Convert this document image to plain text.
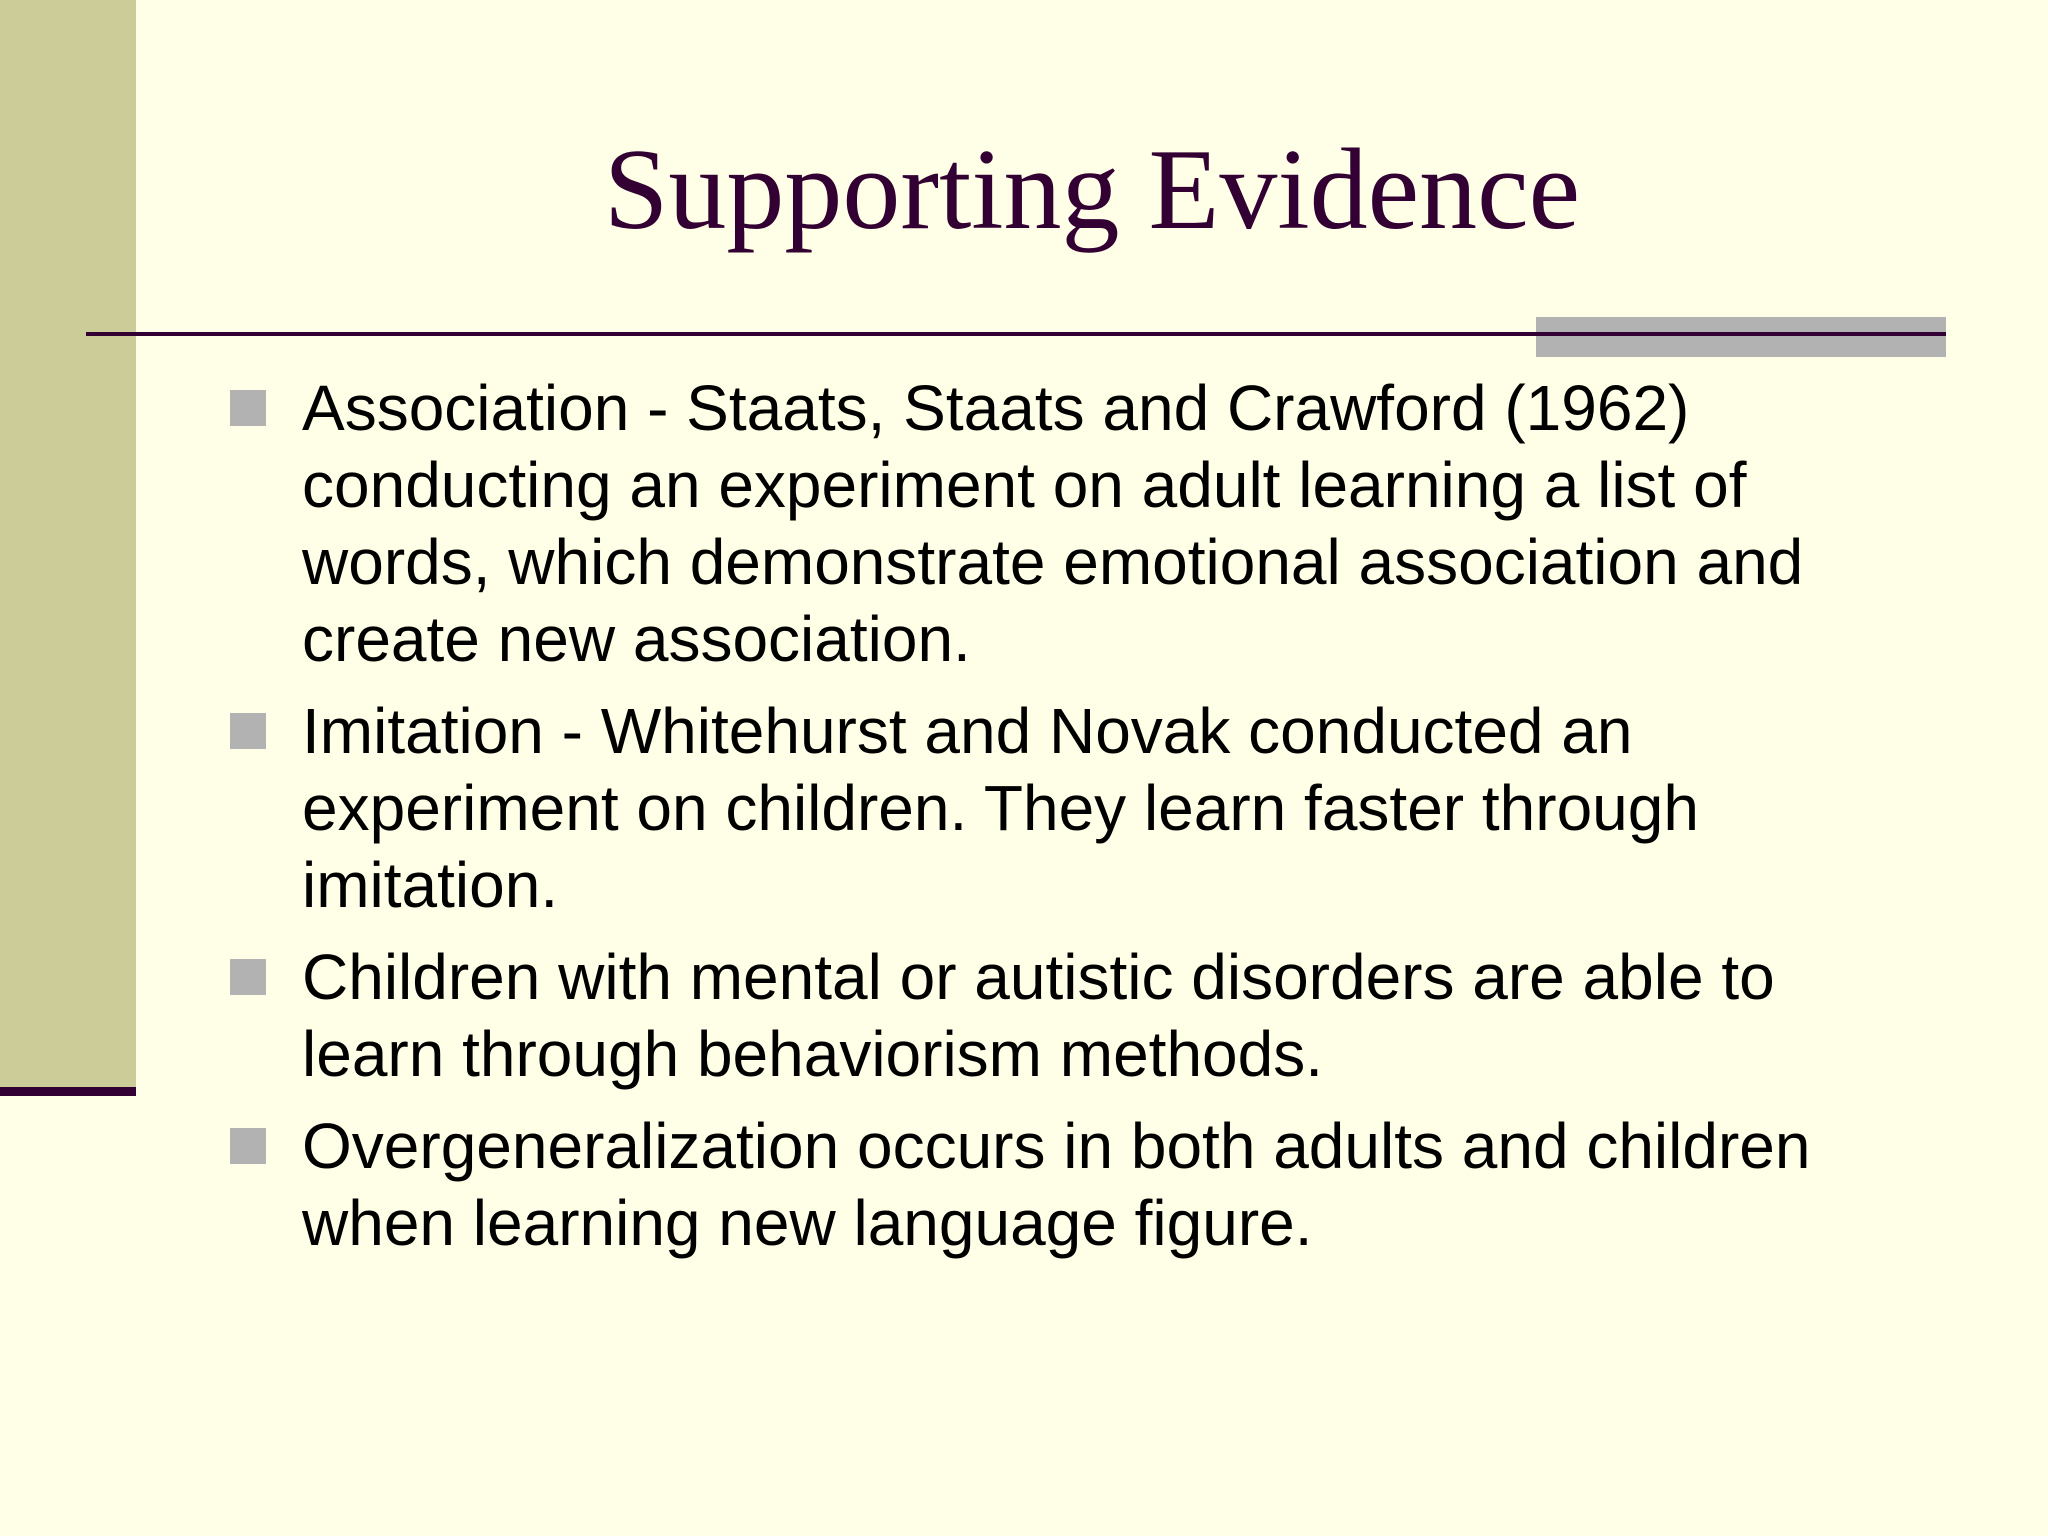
Supporting Evidence
Association - Staats, Staats and Crawford (1962) conducting an experiment on adult learning a list of words, which demonstrate emotional association and create new association.
Imitation - Whitehurst and Novak conducted an experiment on children. They learn faster through imitation.
Children with mental or autistic disorders are able to learn through behaviorism methods.
Overgeneralization occurs in both adults and children when learning new language figure.
